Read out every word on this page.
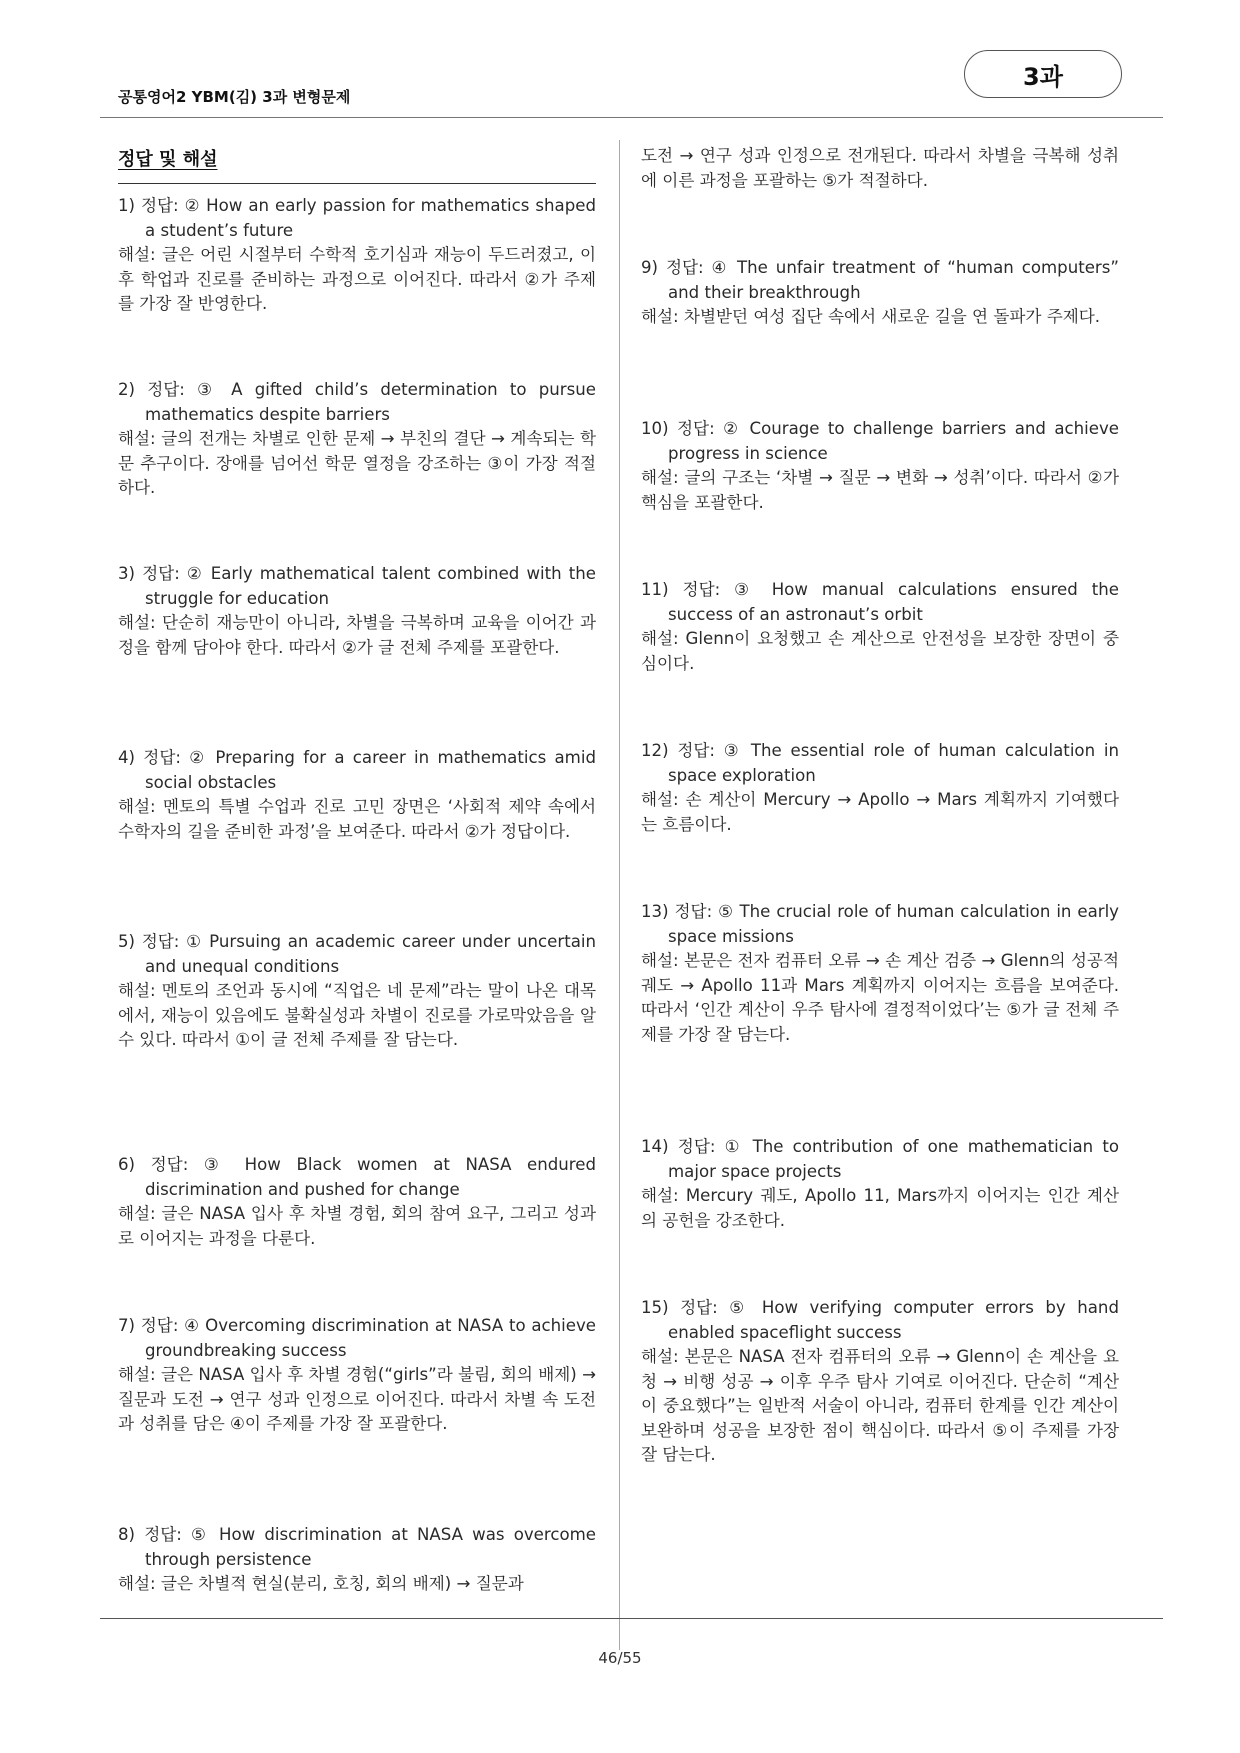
공통영어2 YBM(김) 3과 변형문제
3과
정답 및 해설

1) 정답: ② How an early passion for mathematics shaped a student’s future

해설: 글은 어린 시절부터 수학적 호기심과 재능이 두드러졌고, 이후 학업과 진로를 준비하는 과정으로 이어진다. 따라서 ②가 주제를 가장 잘 반영한다.

2) 정답: ③ A gifted child’s determination to pursue mathematics despite barriers

해설: 글의 전개는 차별로 인한 문제 → 부친의 결단 → 계속되는 학문 추구이다. 장애를 넘어선 학문 열정을 강조하는 ③이 가장 적절하다.

3) 정답: ② Early mathematical talent combined with the struggle for education

해설: 단순히 재능만이 아니라, 차별을 극복하며 교육을 이어간 과정을 함께 담아야 한다. 따라서 ②가 글 전체 주제를 포괄한다.

4) 정답: ② Preparing for a career in mathematics amid social obstacles

해설: 멘토의 특별 수업과 진로 고민 장면은 ‘사회적 제약 속에서 수학자의 길을 준비한 과정’을 보여준다. 따라서 ②가 정답이다.

5) 정답: ① Pursuing an academic career under uncertain and unequal conditions

해설: 멘토의 조언과 동시에 “직업은 네 문제”라는 말이 나온 대목에서, 재능이 있음에도 불확실성과 차별이 진로를 가로막았음을 알 수 있다. 따라서 ①이 글 전체 주제를 잘 담는다.

6) 정답: ③ How Black women at NASA endured discrimination and pushed for change

해설: 글은 NASA 입사 후 차별 경험, 회의 참여 요구, 그리고 성과로 이어지는 과정을 다룬다.

7) 정답: ④ Overcoming discrimination at NASA to achieve groundbreaking success

해설: 글은 NASA 입사 후 차별 경험(“girls”라 불림, 회의 배제) → 질문과 도전 → 연구 성과 인정으로 이어진다. 따라서 차별 속 도전과 성취를 담은 ④이 주제를 가장 잘 포괄한다.

8) 정답: ⑤ How discrimination at NASA was overcome through persistence

해설: 글은 차별적 현실(분리, 호칭, 회의 배제) → 질문과

도전 → 연구 성과 인정으로 전개된다. 따라서 차별을 극복해 성취에 이른 과정을 포괄하는 ⑤가 적절하다.

9) 정답: ④ The unfair treatment of “human computers” and their breakthrough

해설: 차별받던 여성 집단 속에서 새로운 길을 연 돌파가 주제다.

10) 정답: ② Courage to challenge barriers and achieve progress in science

해설: 글의 구조는 ‘차별 → 질문 → 변화 → 성취’이다. 따라서 ②가 핵심을 포괄한다.

11) 정답: ③ How manual calculations ensured the success of an astronaut’s orbit

해설: Glenn이 요청했고 손 계산으로 안전성을 보장한 장면이 중심이다.

12) 정답: ③ The essential role of human calculation in space exploration

해설: 손 계산이 Mercury → Apollo → Mars 계획까지 기여했다는 흐름이다.

13) 정답: ⑤ The crucial role of human calculation in early space missions

해설: 본문은 전자 컴퓨터 오류 → 손 계산 검증 → Glenn의 성공적 궤도 → Apollo 11과 Mars 계획까지 이어지는 흐름을 보여준다. 따라서 ‘인간 계산이 우주 탐사에 결정적이었다’는 ⑤가 글 전체 주제를 가장 잘 담는다.

14) 정답: ① The contribution of one mathematician to major space projects

해설: Mercury 궤도, Apollo 11, Mars까지 이어지는 인간 계산의 공헌을 강조한다.

15) 정답: ⑤ How verifying computer errors by hand enabled spaceflight success

해설: 본문은 NASA 전자 컴퓨터의 오류 → Glenn이 손 계산을 요청 → 비행 성공 → 이후 우주 탐사 기여로 이어진다. 단순히 “계산이 중요했다”는 일반적 서술이 아니라, 컴퓨터 한계를 인간 계산이 보완하며 성공을 보장한 점이 핵심이다. 따라서 ⑤이 주제를 가장 잘 담는다.

46/55
